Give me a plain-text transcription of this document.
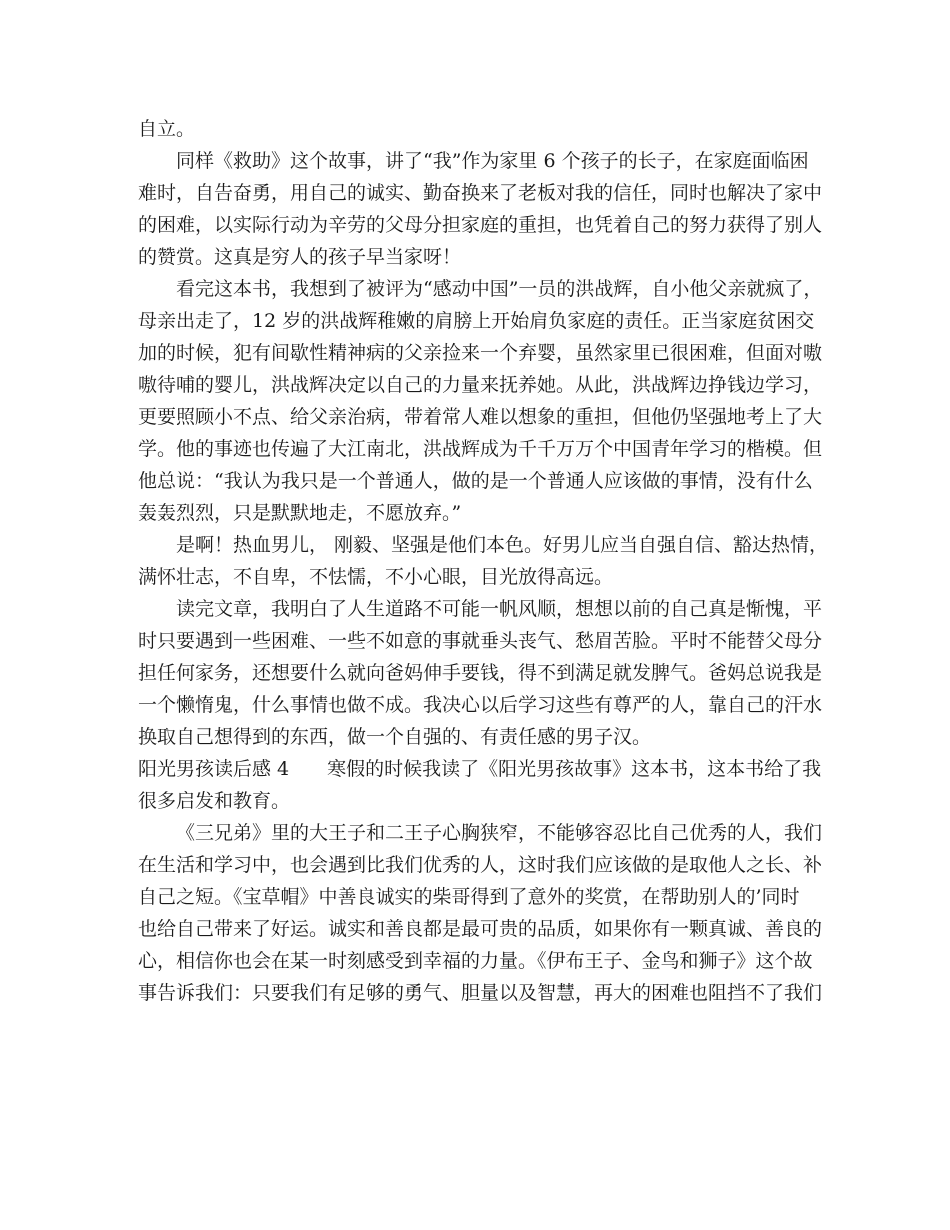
自立。
同样《救助》这个故事，讲了“我”作为家里 6 个孩子的长子，在家庭面临困
难时，自告奋勇，用自己的诚实、勤奋换来了老板对我的信任，同时也解决了家中
的困难，以实际行动为辛劳的父母分担家庭的重担，也凭着自己的努力获得了别人
的赞赏。这真是穷人的孩子早当家呀！
看完这本书，我想到了被评为“感动中国”一员的洪战辉，自小他父亲就疯了，
母亲出走了，12 岁的洪战辉稚嫩的肩膀上开始肩负家庭的责任。正当家庭贫困交
加的时候，犯有间歇性精神病的父亲捡来一个弃婴，虽然家里已很困难，但面对嗷
嗷待哺的婴儿，洪战辉决定以自己的力量来抚养她。从此，洪战辉边挣钱边学习，
更要照顾小不点、给父亲治病，带着常人难以想象的重担，但他仍坚强地考上了大
学。他的事迹也传遍了大江南北，洪战辉成为千千万万个中国青年学习的楷模。但
他总说：“我认为我只是一个普通人，做的是一个普通人应该做的事情，没有什么
轰轰烈烈，只是默默地走，不愿放弃。”
是啊！热血男儿， 刚毅、坚强是他们本色。好男儿应当自强自信、豁达热情，
满怀壮志，不自卑，不怯懦，不小心眼，目光放得高远。
读完文章，我明白了人生道路不可能一帆风顺，想想以前的自己真是惭愧，平
时只要遇到一些困难、一些不如意的事就垂头丧气、愁眉苦脸。平时不能替父母分
担任何家务，还想要什么就向爸妈伸手要钱，得不到满足就发脾气。爸妈总说我是
一个懒惰鬼，什么事情也做不成。我决心以后学习这些有尊严的人，靠自己的汗水
换取自己想得到的东西，做一个自强的、有责任感的男子汉。
阳光男孩读后感 4　　寒假的时候我读了《阳光男孩故事》这本书，这本书给了我
很多启发和教育。
《三兄弟》里的大王子和二王子心胸狭窄，不能够容忍比自己优秀的人，我们
在生活和学习中，也会遇到比我们优秀的人，这时我们应该做的是取他人之长、补
自己之短。《宝草帽》中善良诚实的柴哥得到了意外的奖赏，在帮助别人的’同时
也给自己带来了好运。诚实和善良都是最可贵的品质，如果你有一颗真诚、善良的
心，相信你也会在某一时刻感受到幸福的力量。《伊布王子、金鸟和狮子》这个故
事告诉我们：只要我们有足够的勇气、胆量以及智慧，再大的困难也阻挡不了我们
